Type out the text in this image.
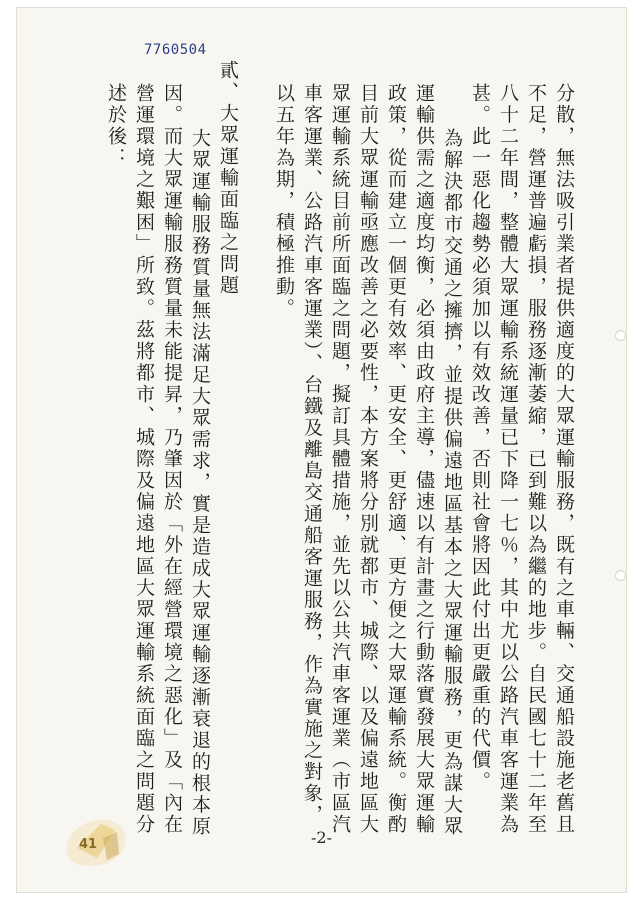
7760504
分散，無法吸引業者提供適度的大眾運輸服務，既有之車輛、交通船設施老舊且
不足，營運普遍虧損，服務逐漸萎縮，已到難以為繼的地步。自民國七十二年至
八十二年間，整體大眾運輸系統運量已下降一七％，其中尤以公路汽車客運業為
甚。此一惡化趨勢必須加以有效改善，否則社會將因此付出更嚴重的代價。
為解決都市交通之擁擠，並提供偏遠地區基本之大眾運輸服務，更為謀大眾
運輸供需之適度均衡，必須由政府主導，儘速以有計畫之行動落實發展大眾運輸
政策，從而建立一個更有效率、更安全、更舒適、更方便之大眾運輸系統。衡酌
目前大眾運輸亟應改善之必要性，本方案將分別就都市、城際、以及偏遠地區大
眾運輸系統目前所面臨之問題，擬訂具體措施，並先以公共汽車客運業（市區汽
車客運業、公路汽車客運業）、台鐵及離島交通船客運服務，作為實施之對象，
以五年為期，積極推動。
貳、大眾運輸面臨之問題
大眾運輸服務質量無法滿足大眾需求，實是造成大眾運輸逐漸衰退的根本原
因。而大眾運輸服務質量未能提昇，乃肇因於「外在經營環境之惡化」及「內在
營運環境之艱困」所致。茲將都市、城際及偏遠地區大眾運輸系統面臨之問題分
述於後：
41	-2-
